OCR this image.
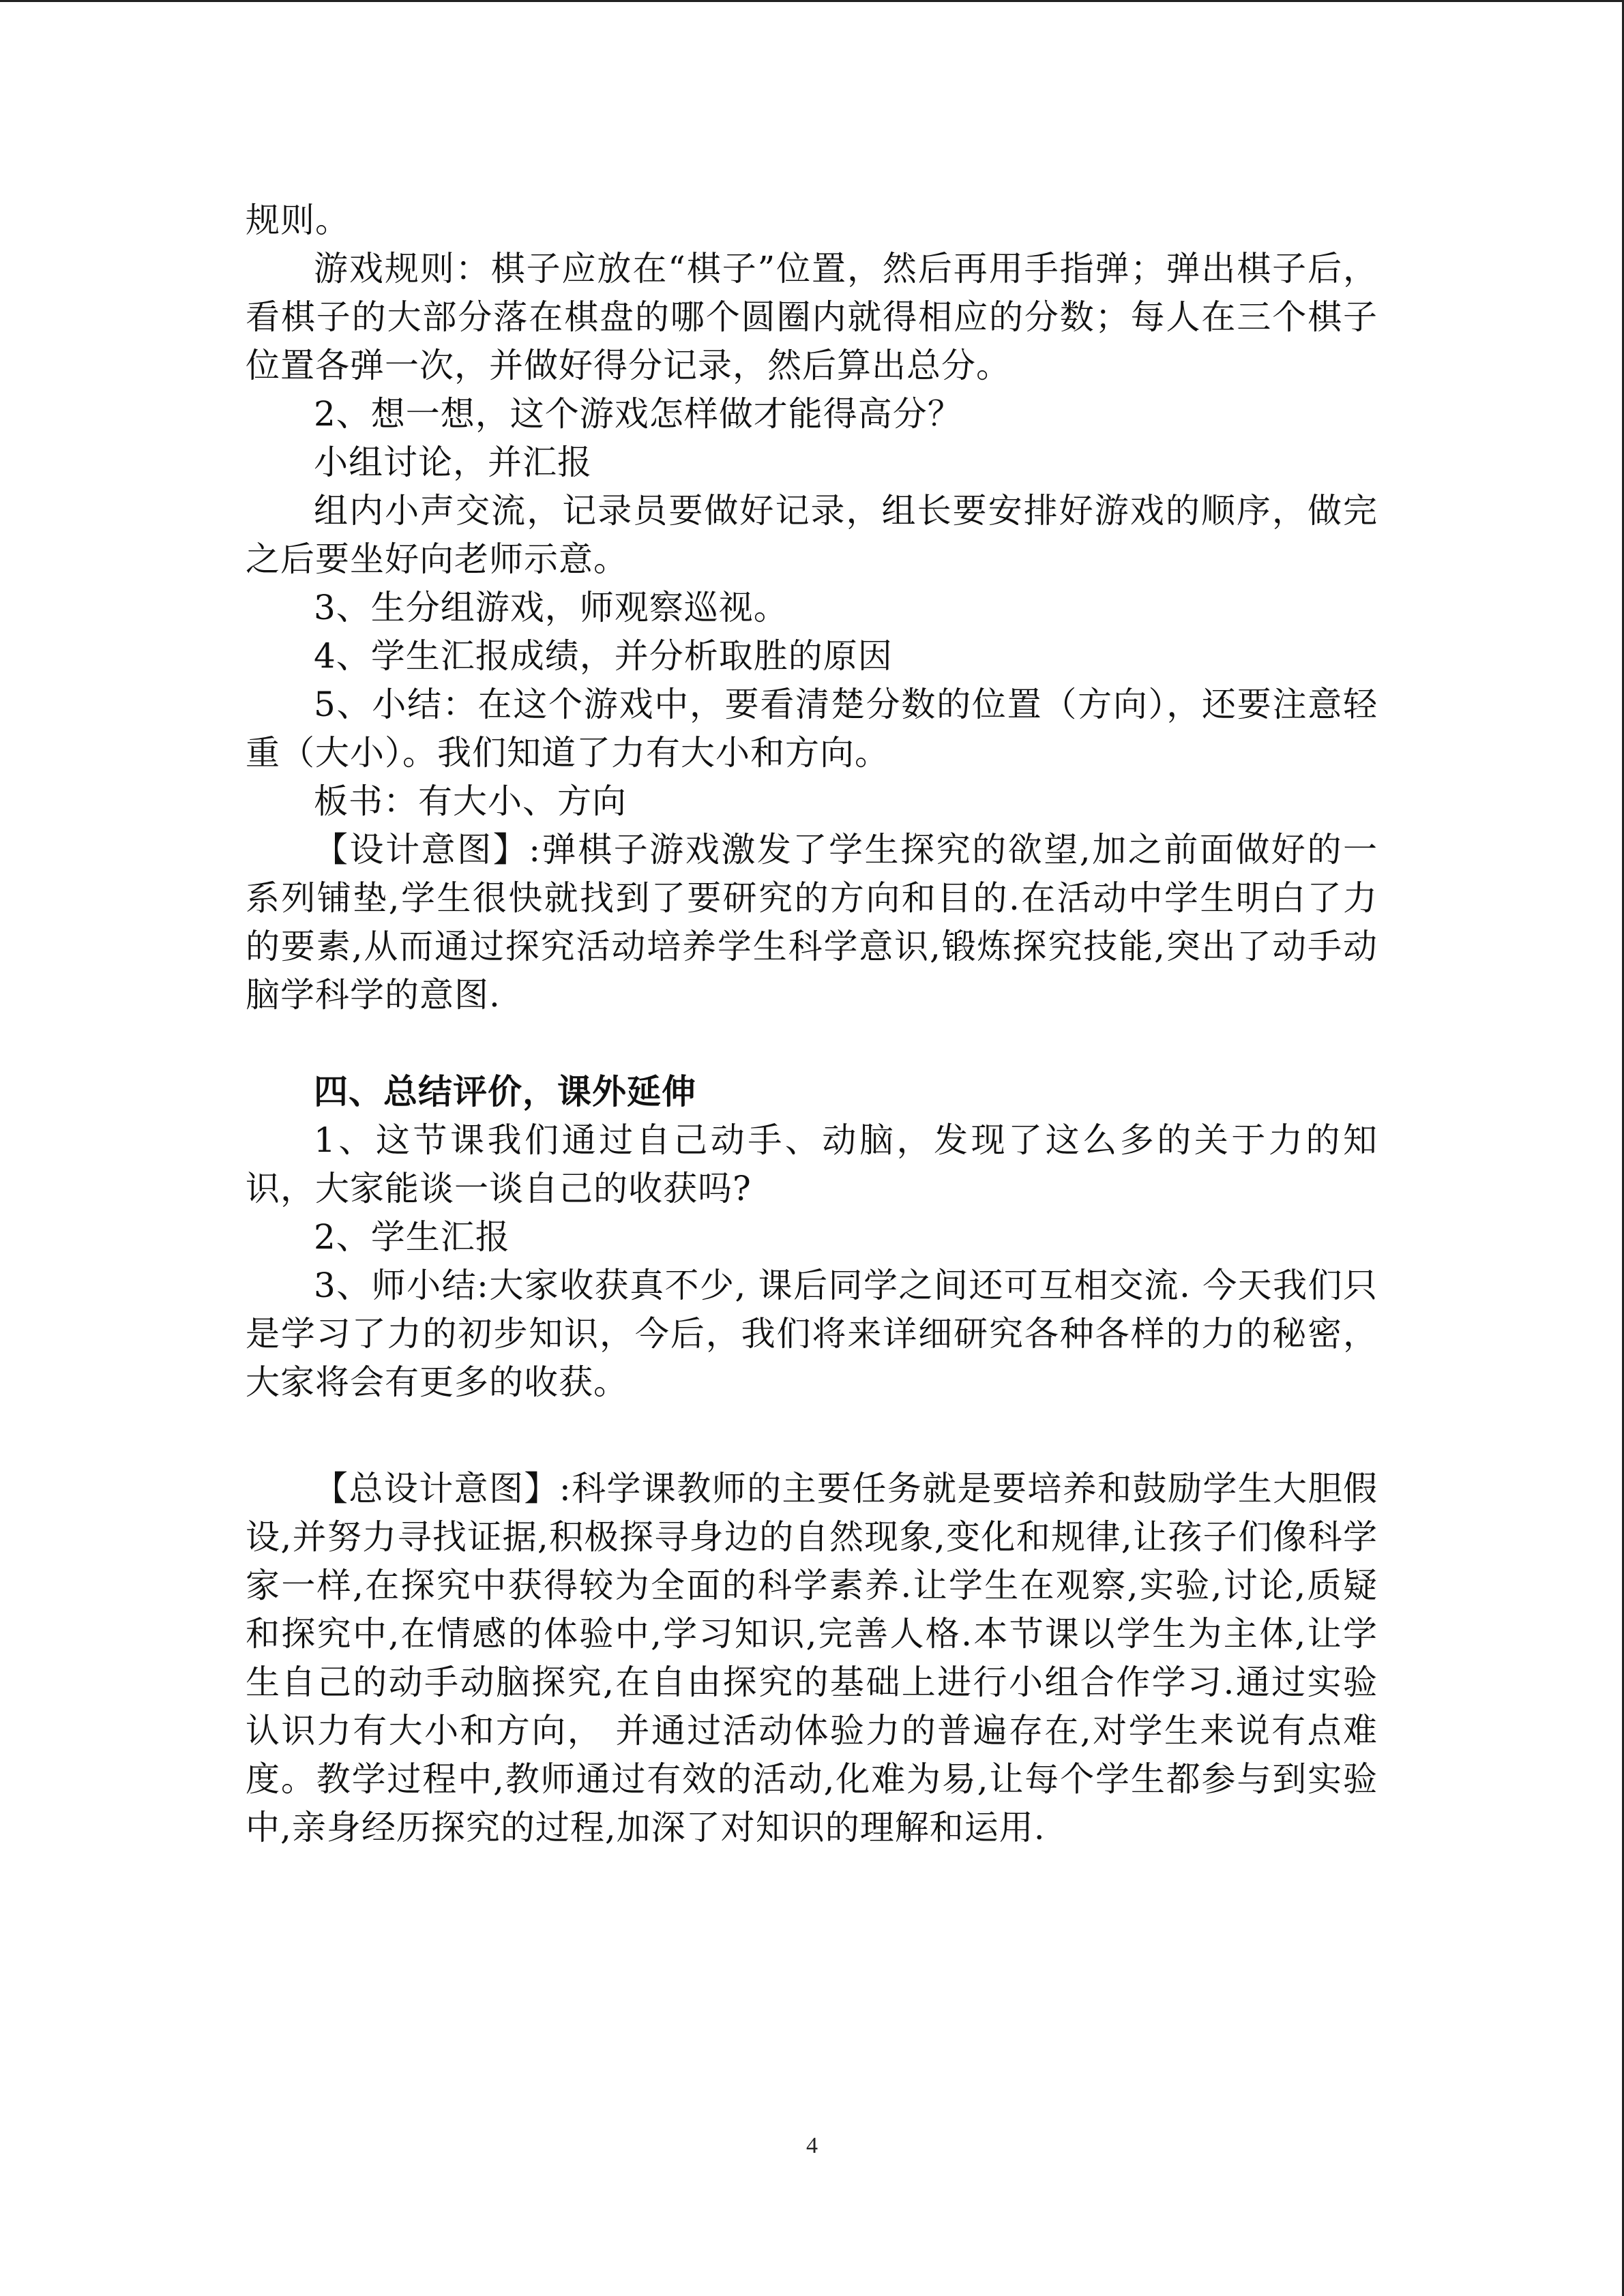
规则。

游戏规则：棋子应放在“棋子”位置，然后再用手指弹；弹出棋子后，看棋子的大部分落在棋盘的哪个圆圈内就得相应的分数；每人在三个棋子位置各弹一次，并做好得分记录，然后算出总分。

2、想一想，这个游戏怎样做才能得高分？

小组讨论，并汇报

组内小声交流，记录员要做好记录，组长要安排好游戏的顺序，做完之后要坐好向老师示意。

3、生分组游戏，师观察巡视。

4、学生汇报成绩，并分析取胜的原因

5、小结：在这个游戏中，要看清楚分数的位置（方向），还要注意轻重（大小）。我们知道了力有大小和方向。

板书：有大小、方向

【设计意图】:弹棋子游戏激发了学生探究的欲望,加之前面做好的一系列铺垫,学生很快就找到了要研究的方向和目的.在活动中学生明白了力的要素,从而通过探究活动培养学生科学意识,锻炼探究技能,突出了动手动脑学科学的意图.

四、总结评价，课外延伸

1、这节课我们通过自己动手、动脑，发现了这么多的关于力的知识，大家能谈一谈自己的收获吗?

2、学生汇报

3、师小结:大家收获真不少, 课后同学之间还可互相交流. 今天我们只是学习了力的初步知识，今后，我们将来详细研究各种各样的力的秘密，大家将会有更多的收获。

【总设计意图】:科学课教师的主要任务就是要培养和鼓励学生大胆假设,并努力寻找证据,积极探寻身边的自然现象,变化和规律,让孩子们像科学家一样,在探究中获得较为全面的科学素养.让学生在观察,实验,讨论,质疑和探究中,在情感的体验中,学习知识,完善人格.本节课以学生为主体,让学生自己的动手动脑探究,在自由探究的基础上进行小组合作学习.通过实验认识力有大小和方向， 并通过活动体验力的普遍存在,对学生来说有点难度。教学过程中,教师通过有效的活动,化难为易,让每个学生都参与到实验中,亲身经历探究的过程,加深了对知识的理解和运用.

4
